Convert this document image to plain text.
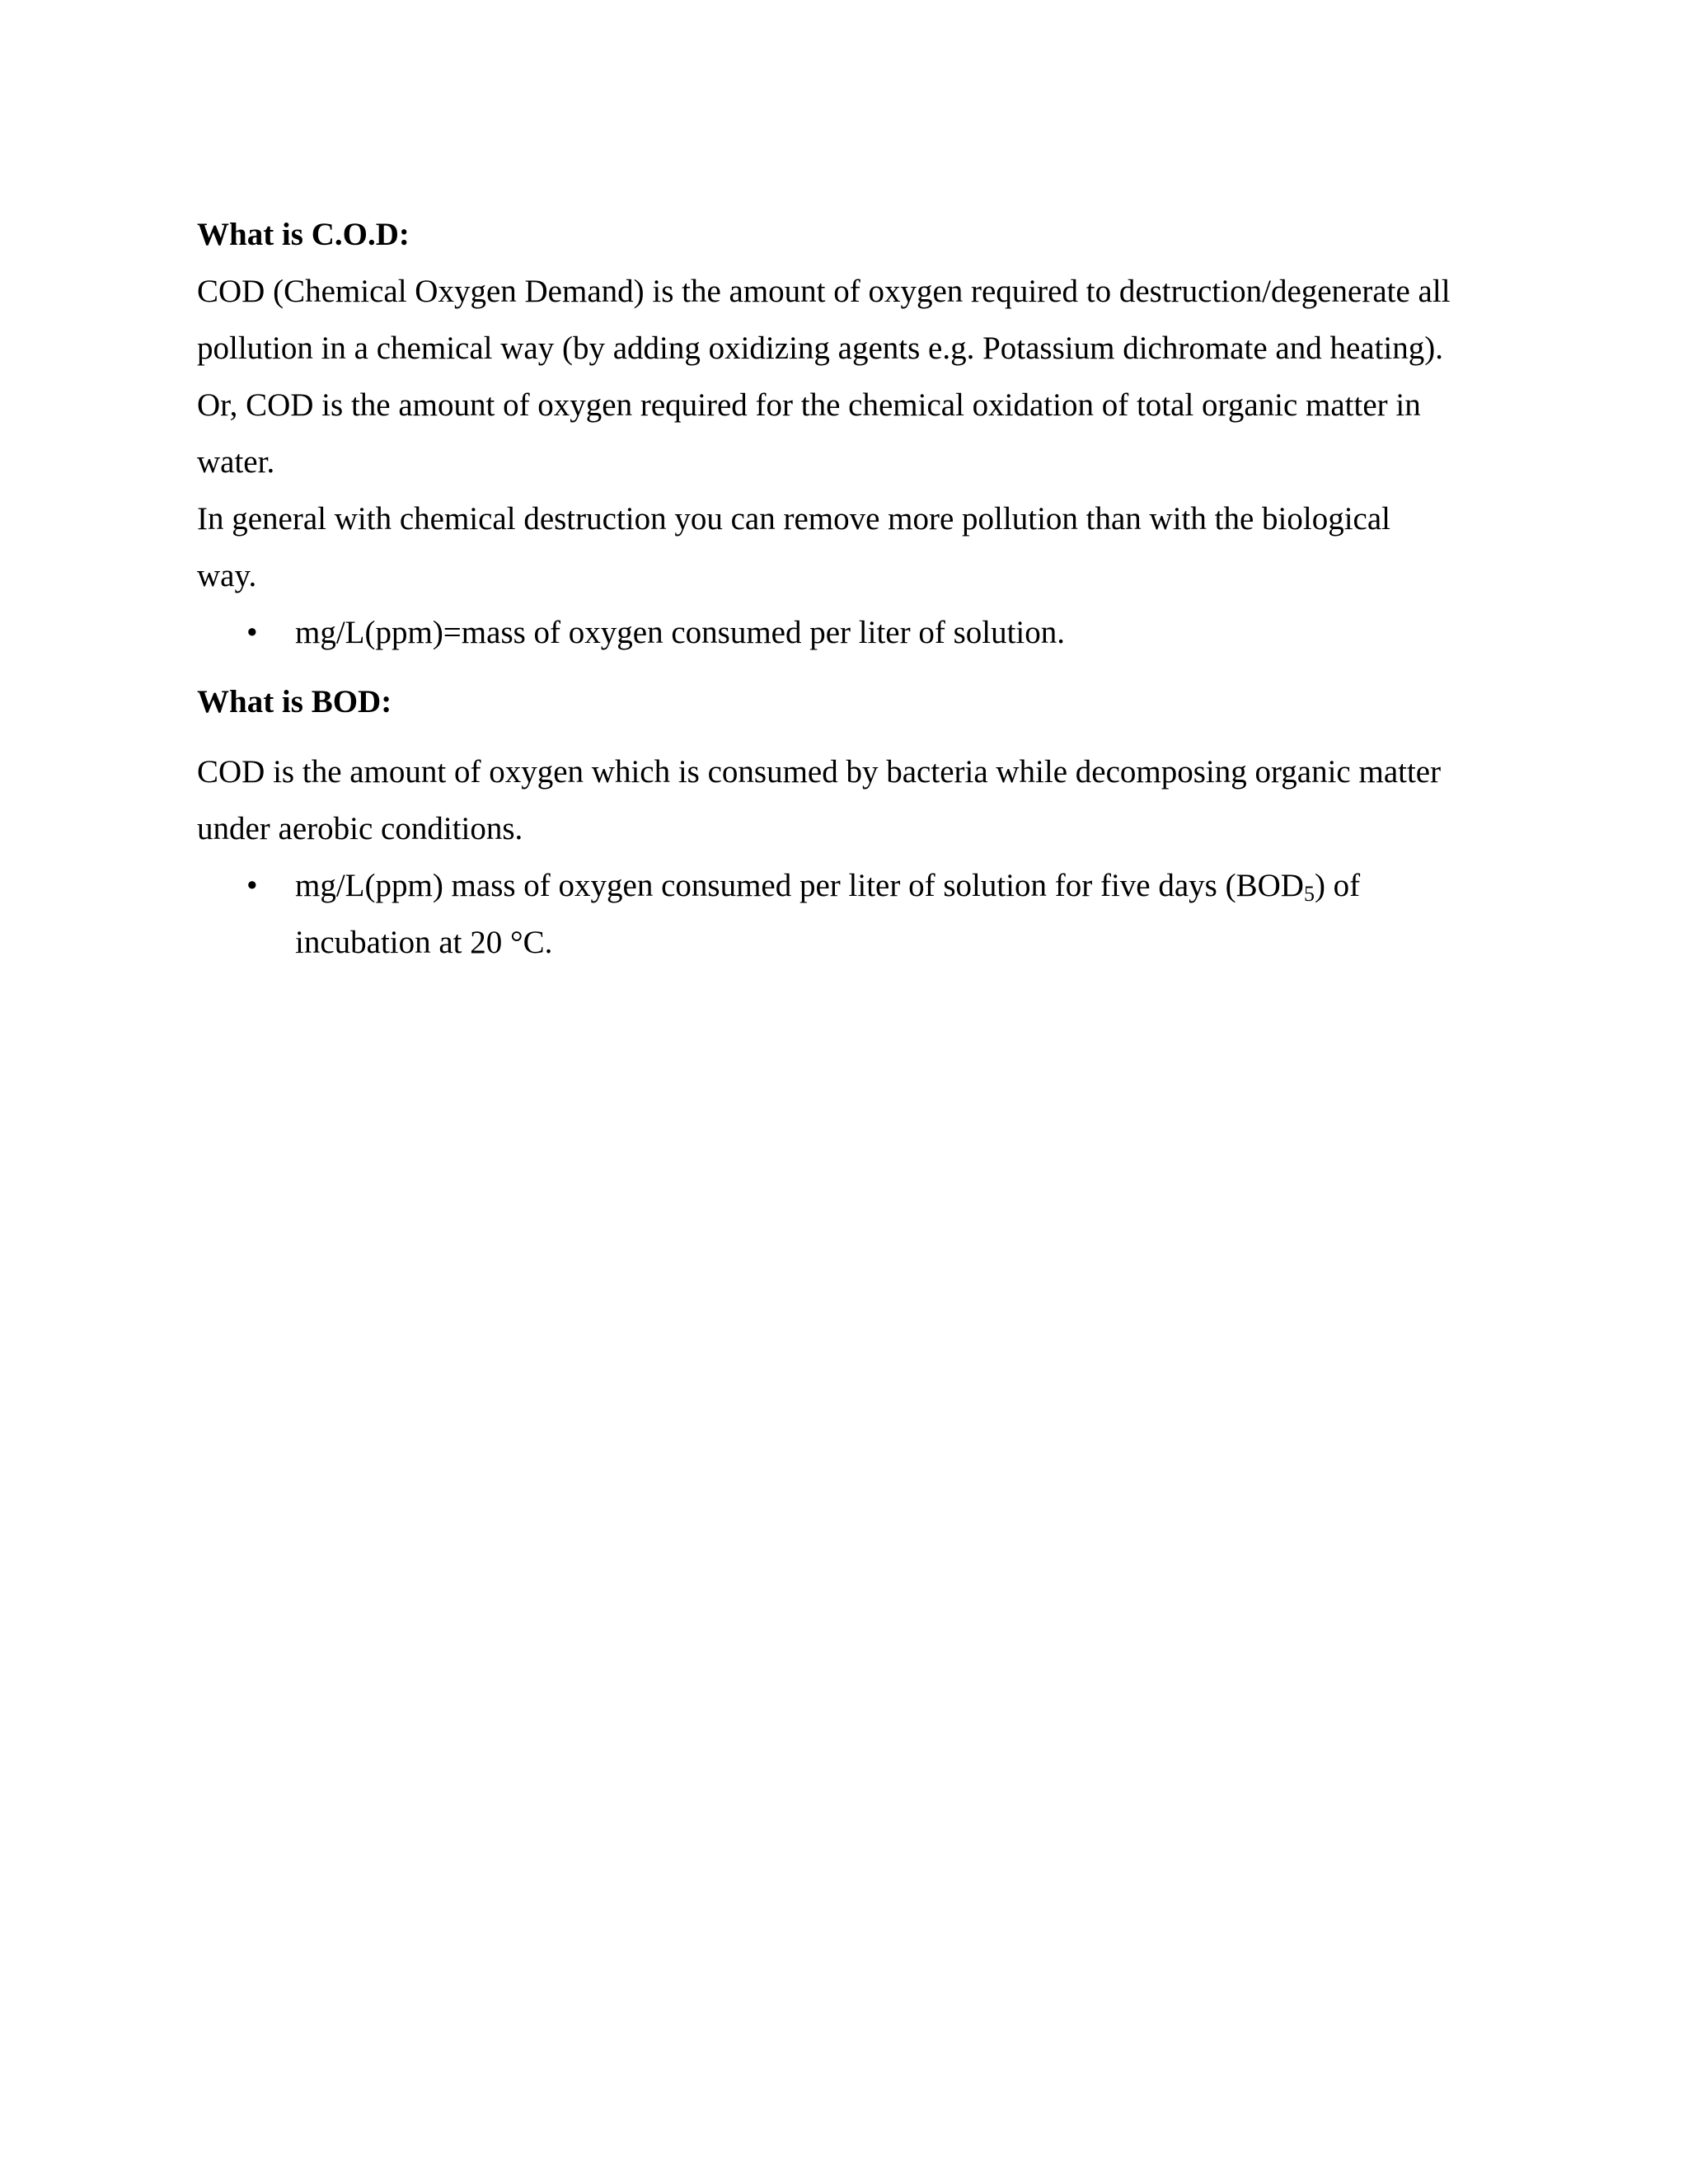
What is C.O.D:

COD (Chemical Oxygen Demand) is the amount of oxygen required to destruction/degenerate all

pollution in a chemical way (by adding oxidizing agents e.g. Potassium dichromate and heating).

Or, COD is the amount of oxygen required for the chemical oxidation of total organic matter in

water.

In general with chemical destruction you can remove more pollution than with the biological

way.

• mg/L(ppm)=mass of oxygen consumed per liter of solution.

What is BOD:

COD is the amount of oxygen which is consumed by bacteria while decomposing organic matter

under aerobic conditions.

• mg/L(ppm) mass of oxygen consumed per liter of solution for five days $(BOD_5)$ of
incubation at 20 °C.
